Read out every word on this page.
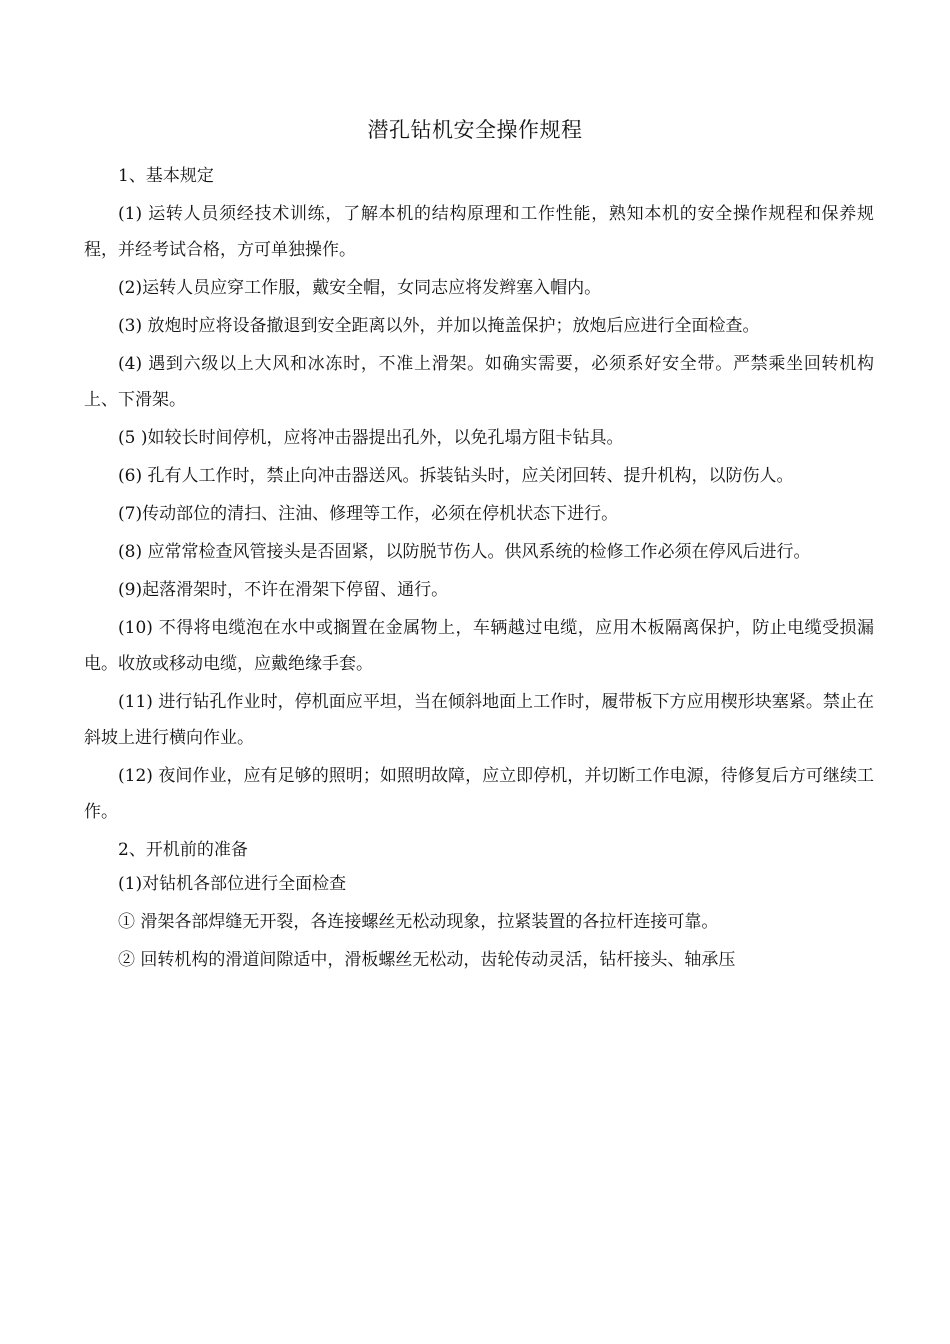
潜孔钻机安全操作规程

1、基本规定

(1) 运转人员须经技术训练，了解本机的结构原理和工作性能，熟知本机的安全操作规程和保养规程，并经考试合格，方可单独操作。

(2)运转人员应穿工作服，戴安全帽，女同志应将发辫塞入帽内。

(3) 放炮时应将设备撤退到安全距离以外，并加以掩盖保护；放炮后应进行全面检查。

(4) 遇到六级以上大风和冰冻时，不准上滑架。如确实需要，必须系好安全带。严禁乘坐回转机构上、下滑架。

(5 )如较长时间停机，应将冲击器提出孔外，以免孔塌方阻卡钻具。

(6) 孔有人工作时，禁止向冲击器送风。拆装钻头时，应关闭回转、提升机构，以防伤人。

(7)传动部位的清扫、注油、修理等工作，必须在停机状态下进行。

(8) 应常常检查风管接头是否固紧，以防脱节伤人。供风系统的检修工作必须在停风后进行。

(9)起落滑架时，不许在滑架下停留、通行。

(10) 不得将电缆泡在水中或搁置在金属物上，车辆越过电缆，应用木板隔离保护，防止电缆受损漏电。收放或移动电缆，应戴绝缘手套。

(11) 进行钻孔作业时，停机面应平坦，当在倾斜地面上工作时，履带板下方应用楔形块塞紧。禁止在斜坡上进行横向作业。

(12) 夜间作业，应有足够的照明；如照明故障，应立即停机，并切断工作电源，待修复后方可继续工作。

2、开机前的准备

(1)对钻机各部位进行全面检查

① 滑架各部焊缝无开裂，各连接螺丝无松动现象，拉紧装置的各拉杆连接可靠。

② 回转机构的滑道间隙适中，滑板螺丝无松动，齿轮传动灵活，钻杆接头、轴承压
